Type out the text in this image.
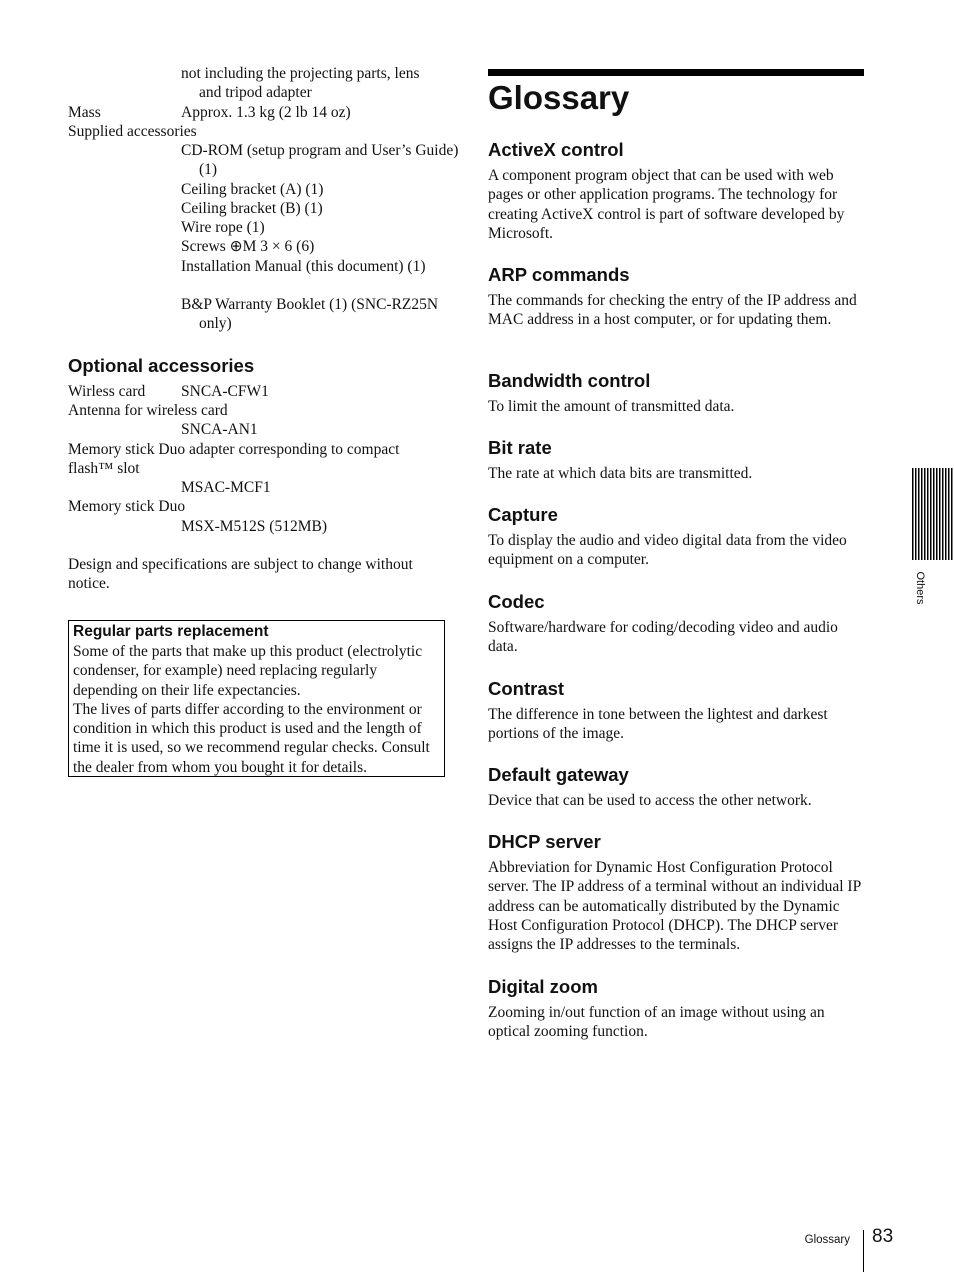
not including the projecting parts, lens
and tripod adapter
Mass	Approx. 1.3 kg (2 lb 14 oz)
Supplied accessories
CD-ROM (setup program and User’s Guide) (1)
Ceiling bracket (A) (1)
Ceiling bracket (B) (1)
Wire rope (1)
Screws ⊕M 3 × 6 (6)
Installation Manual (this document) (1)
B&P Warranty Booklet (1) (SNC-RZ25N only)
Optional accessories
Wirless card SNCA-CFW1
Antenna for wireless card
SNCA-AN1
Memory stick Duo adapter corresponding to compact flash™ slot
MSAC-MCF1
Memory stick Duo
MSX-M512S (512MB)
Design and specifications are subject to change without notice.
Regular parts replacement
Some of the parts that make up this product (electrolytic condenser, for example) need replacing regularly depending on their life expectancies.
The lives of parts differ according to the environment or condition in which this product is used and the length of time it is used, so we recommend regular checks. Consult the dealer from whom you bought it for details.
Glossary
ActiveX control
A component program object that can be used with web pages or other application programs. The technology for creating ActiveX control is part of software developed by Microsoft.
ARP commands
The commands for checking the entry of the IP address and MAC address in a host computer, or for updating them.
Bandwidth control
To limit the amount of transmitted data.
Bit rate
The rate at which data bits are transmitted.
Capture
To display the audio and video digital data from the video equipment on a computer.
Codec
Software/hardware for coding/decoding video and audio data.
Contrast
The difference in tone between the lightest and darkest portions of the image.
Default gateway
Device that can be used to access the other network.
DHCP server
Abbreviation for Dynamic Host Configuration Protocol server. The IP address of a terminal without an individual IP address can be automatically distributed by the Dynamic Host Configuration Protocol (DHCP). The DHCP server assigns the IP addresses to the terminals.
Digital zoom
Zooming in/out function of an image without using an optical zooming function.
Others
Glossary 83
